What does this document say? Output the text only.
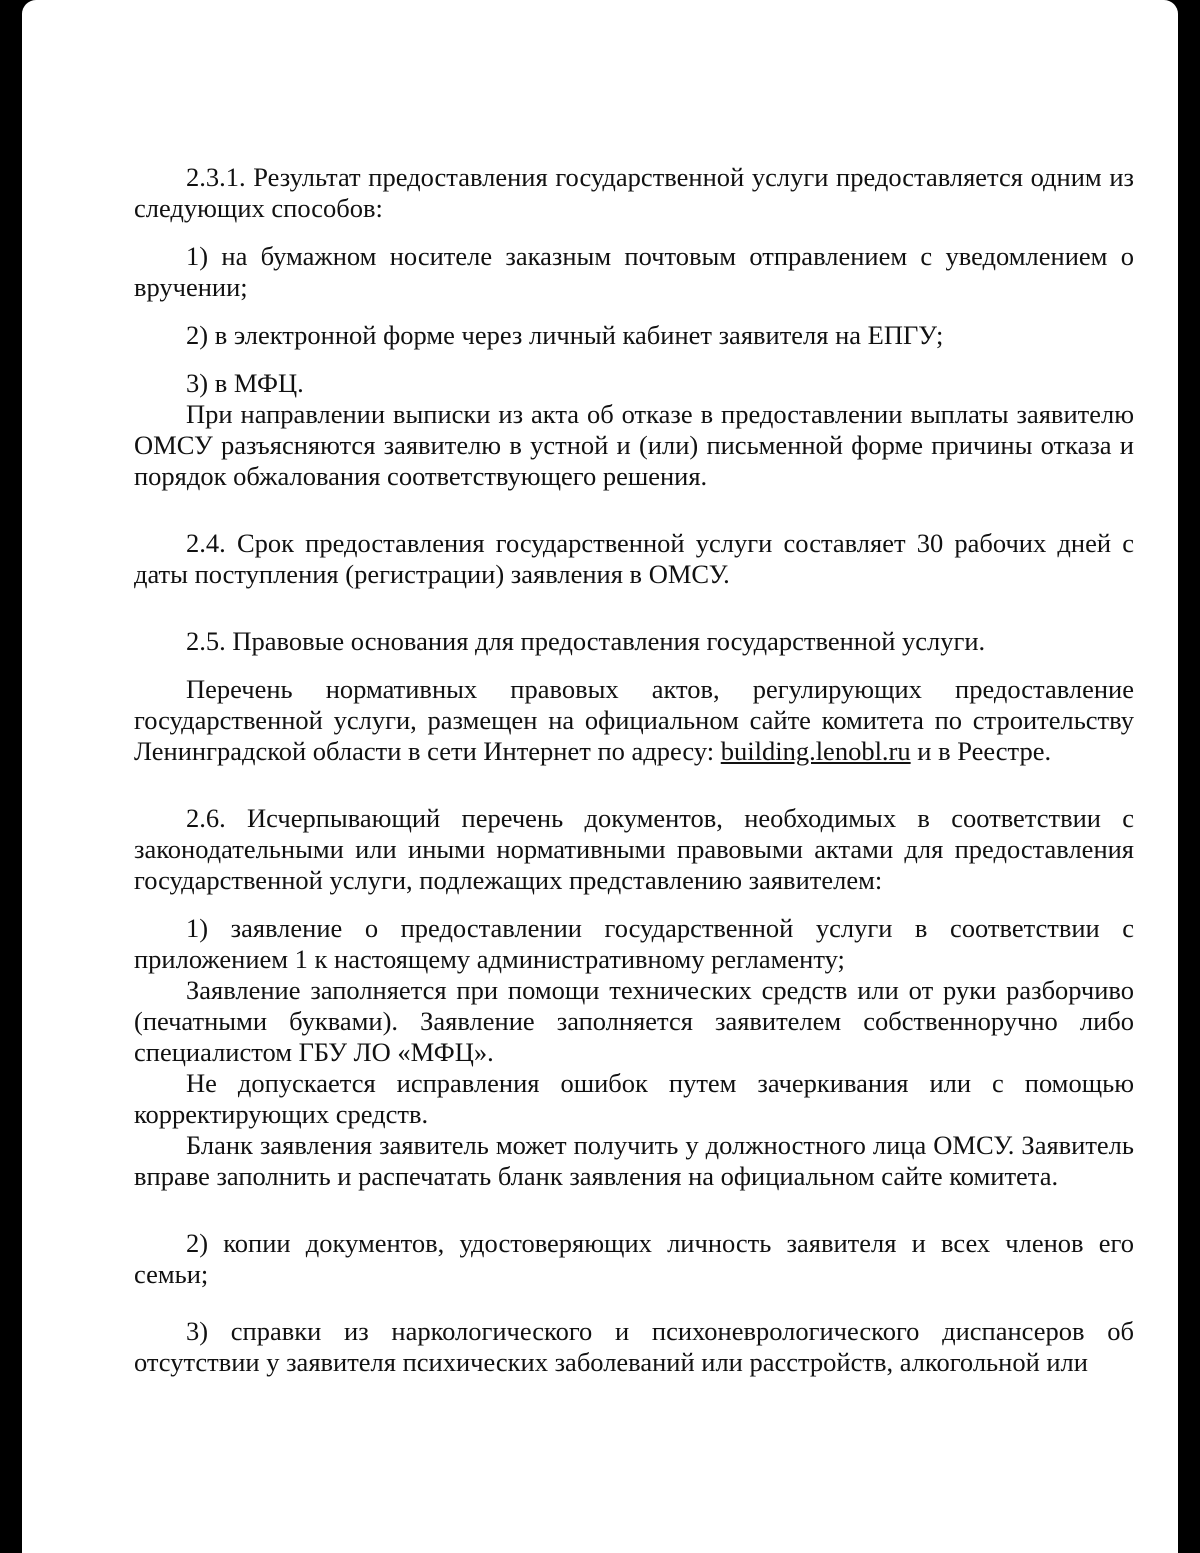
2.3.1. Результат предоставления государственной услуги предоставляется одним из следующих способов:

1) на бумажном носителе заказным почтовым отправлением с уведомлением о вручении;

2) в электронной форме через личный кабинет заявителя на ЕПГУ;

3) в МФЦ.

При направлении выписки из акта об отказе в предоставлении выплаты заявителю ОМСУ разъясняются заявителю в устной и (или) письменной форме причины отказа и порядок обжалования соответствующего решения.

2.4. Срок предоставления государственной услуги составляет 30 рабочих дней с даты поступления (регистрации) заявления в ОМСУ.

2.5. Правовые основания для предоставления государственной услуги.

Перечень нормативных правовых актов, регулирующих предоставление государственной услуги, размещен на официальном сайте комитета по строительству Ленинградской области в сети Интернет по адресу: building.lenobl.ru и в Реестре.

2.6. Исчерпывающий перечень документов, необходимых в соответствии с законодательными или иными нормативными правовыми актами для предоставления государственной услуги, подлежащих представлению заявителем:

1) заявление о предоставлении государственной услуги в соответствии с приложением 1 к настоящему административному регламенту;

Заявление заполняется при помощи технических средств или от руки разборчиво (печатными буквами). Заявление заполняется заявителем собственноручно либо специалистом ГБУ ЛО «МФЦ».

Не допускается исправления ошибок путем зачеркивания или с помощью корректирующих средств.

Бланк заявления заявитель может получить у должностного лица ОМСУ. Заявитель вправе заполнить и распечатать бланк заявления на официальном сайте комитета.

2) копии документов, удостоверяющих личность заявителя и всех членов его семьи;

3) справки из наркологического и психоневрологического диспансеров об отсутствии у заявителя психических заболеваний или расстройств, алкогольной или
